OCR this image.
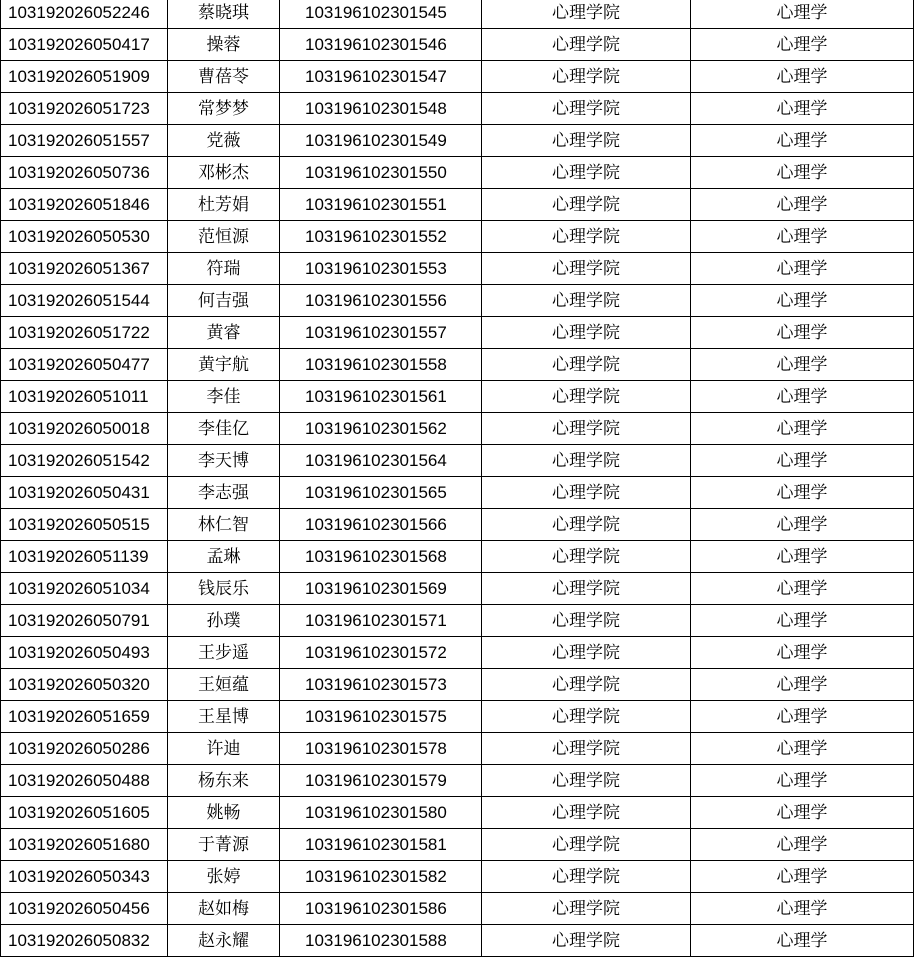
103192026052246	蔡晓琪	103196102301545	心理学院	心理学
103192026050417	操蓉	103196102301546	心理学院	心理学
103192026051909	曹蓓苓	103196102301547	心理学院	心理学
103192026051723	常梦梦	103196102301548	心理学院	心理学
103192026051557	党薇	103196102301549	心理学院	心理学
103192026050736	邓彬杰	103196102301550	心理学院	心理学
103192026051846	杜芳娟	103196102301551	心理学院	心理学
103192026050530	范恒源	103196102301552	心理学院	心理学
103192026051367	符瑞	103196102301553	心理学院	心理学
103192026051544	何吉强	103196102301556	心理学院	心理学
103192026051722	黄睿	103196102301557	心理学院	心理学
103192026050477	黄宇航	103196102301558	心理学院	心理学
103192026051011	李佳	103196102301561	心理学院	心理学
103192026050018	李佳亿	103196102301562	心理学院	心理学
103192026051542	李天博	103196102301564	心理学院	心理学
103192026050431	李志强	103196102301565	心理学院	心理学
103192026050515	林仁智	103196102301566	心理学院	心理学
103192026051139	孟琳	103196102301568	心理学院	心理学
103192026051034	钱辰乐	103196102301569	心理学院	心理学
103192026050791	孙璞	103196102301571	心理学院	心理学
103192026050493	王步遥	103196102301572	心理学院	心理学
103192026050320	王姮蕴	103196102301573	心理学院	心理学
103192026051659	王星博	103196102301575	心理学院	心理学
103192026050286	许迪	103196102301578	心理学院	心理学
103192026050488	杨东来	103196102301579	心理学院	心理学
103192026051605	姚畅	103196102301580	心理学院	心理学
103192026051680	于菁源	103196102301581	心理学院	心理学
103192026050343	张婷	103196102301582	心理学院	心理学
103192026050456	赵如梅	103196102301586	心理学院	心理学
103192026050832	赵永耀	103196102301588	心理学院	心理学
